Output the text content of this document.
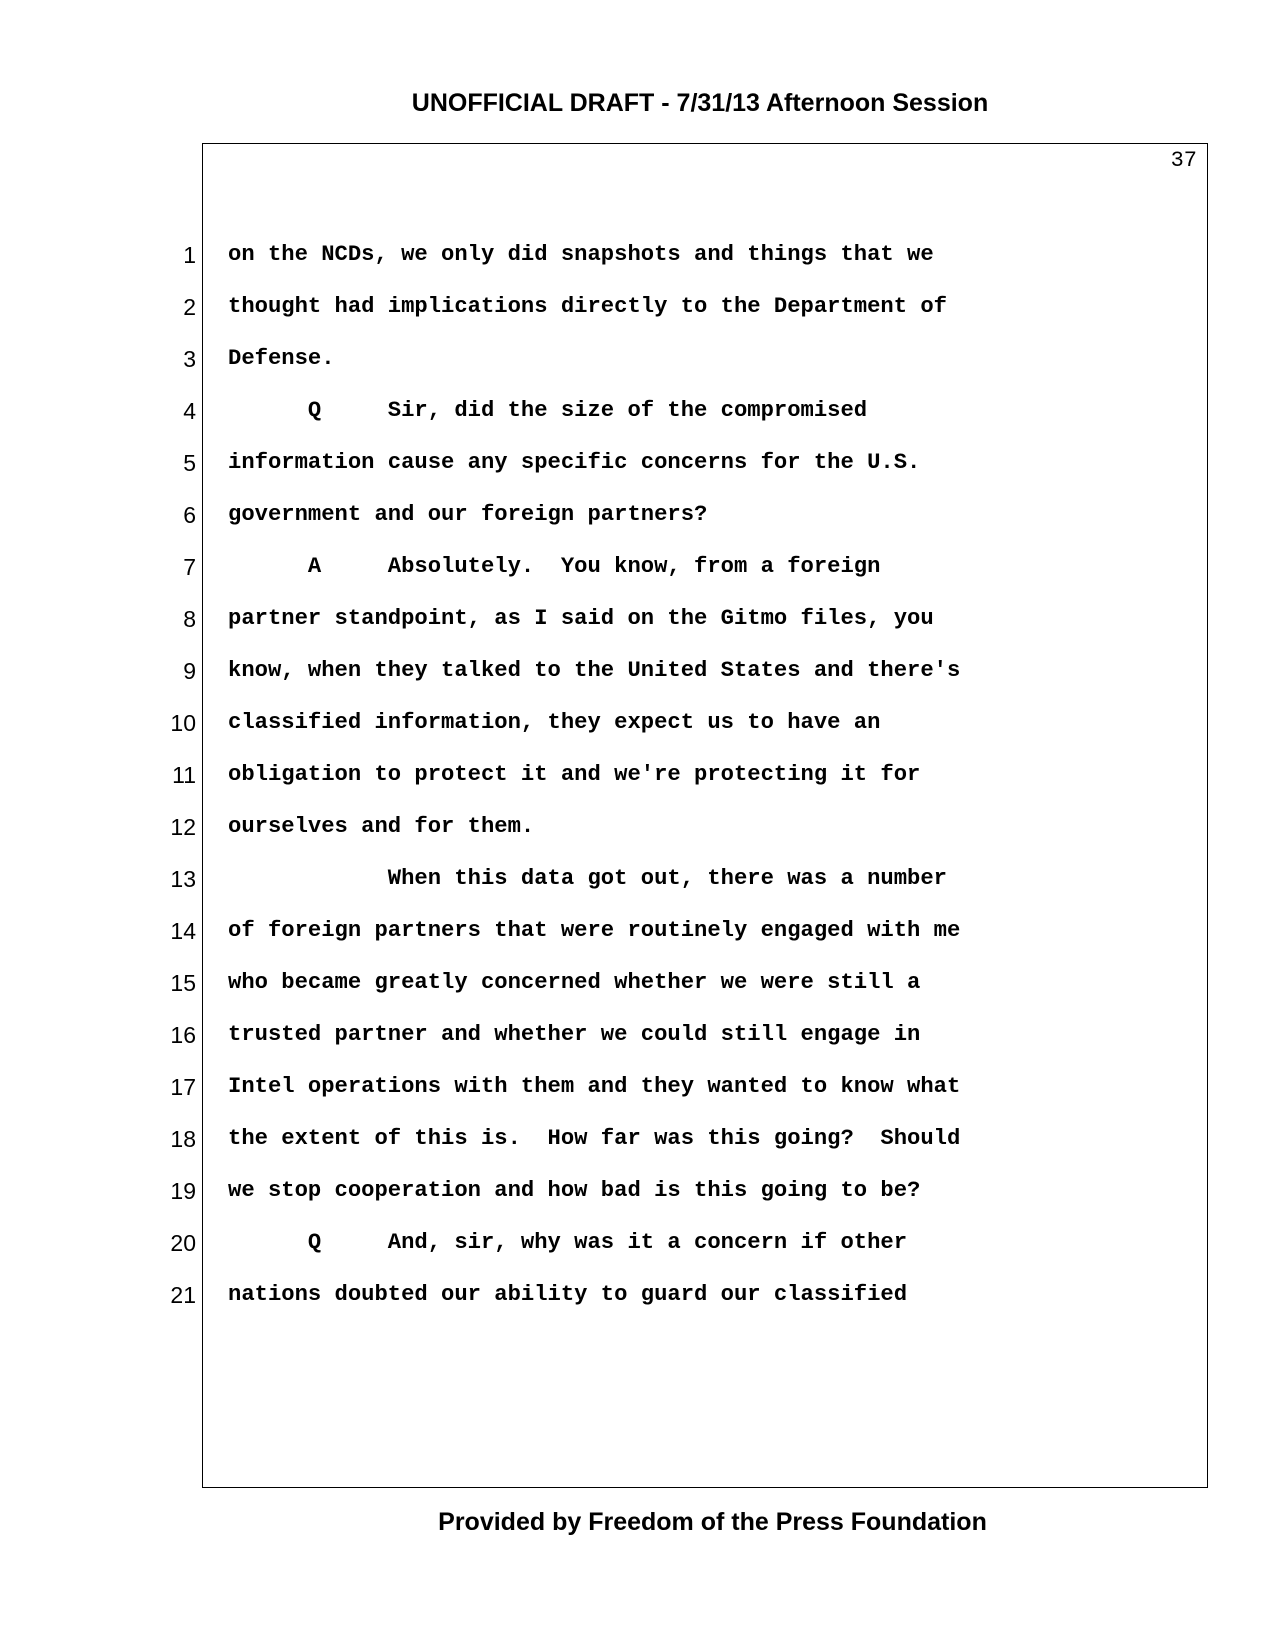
UNOFFICIAL DRAFT - 7/31/13 Afternoon Session
37
1 on the NCDs, we only did snapshots and things that we
2 thought had implications directly to the Department of
3 Defense.
4 Q     Sir, did the size of the compromised
5 information cause any specific concerns for the U.S.
6 government and our foreign partners?
7 A     Absolutely.  You know, from a foreign
8 partner standpoint, as I said on the Gitmo files, you
9 know, when they talked to the United States and there's
10 classified information, they expect us to have an
11 obligation to protect it and we're protecting it for
12 ourselves and for them.
13 When this data got out, there was a number
14 of foreign partners that were routinely engaged with me
15 who became greatly concerned whether we were still a
16 trusted partner and whether we could still engage in
17 Intel operations with them and they wanted to know what
18 the extent of this is.  How far was this going?  Should
19 we stop cooperation and how bad is this going to be?
20 Q     And, sir, why was it a concern if other
21 nations doubted our ability to guard our classified
Provided by Freedom of the Press Foundation
